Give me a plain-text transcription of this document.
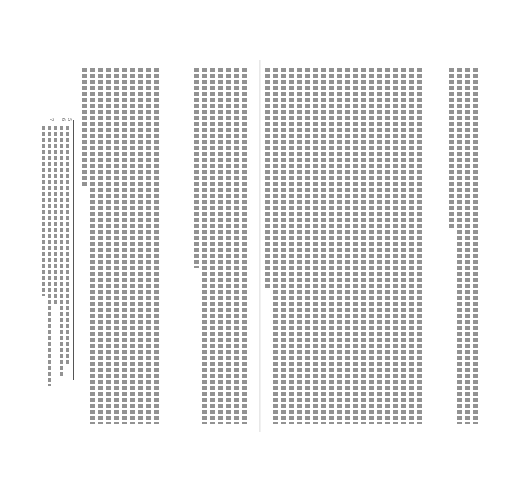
5
6
7
